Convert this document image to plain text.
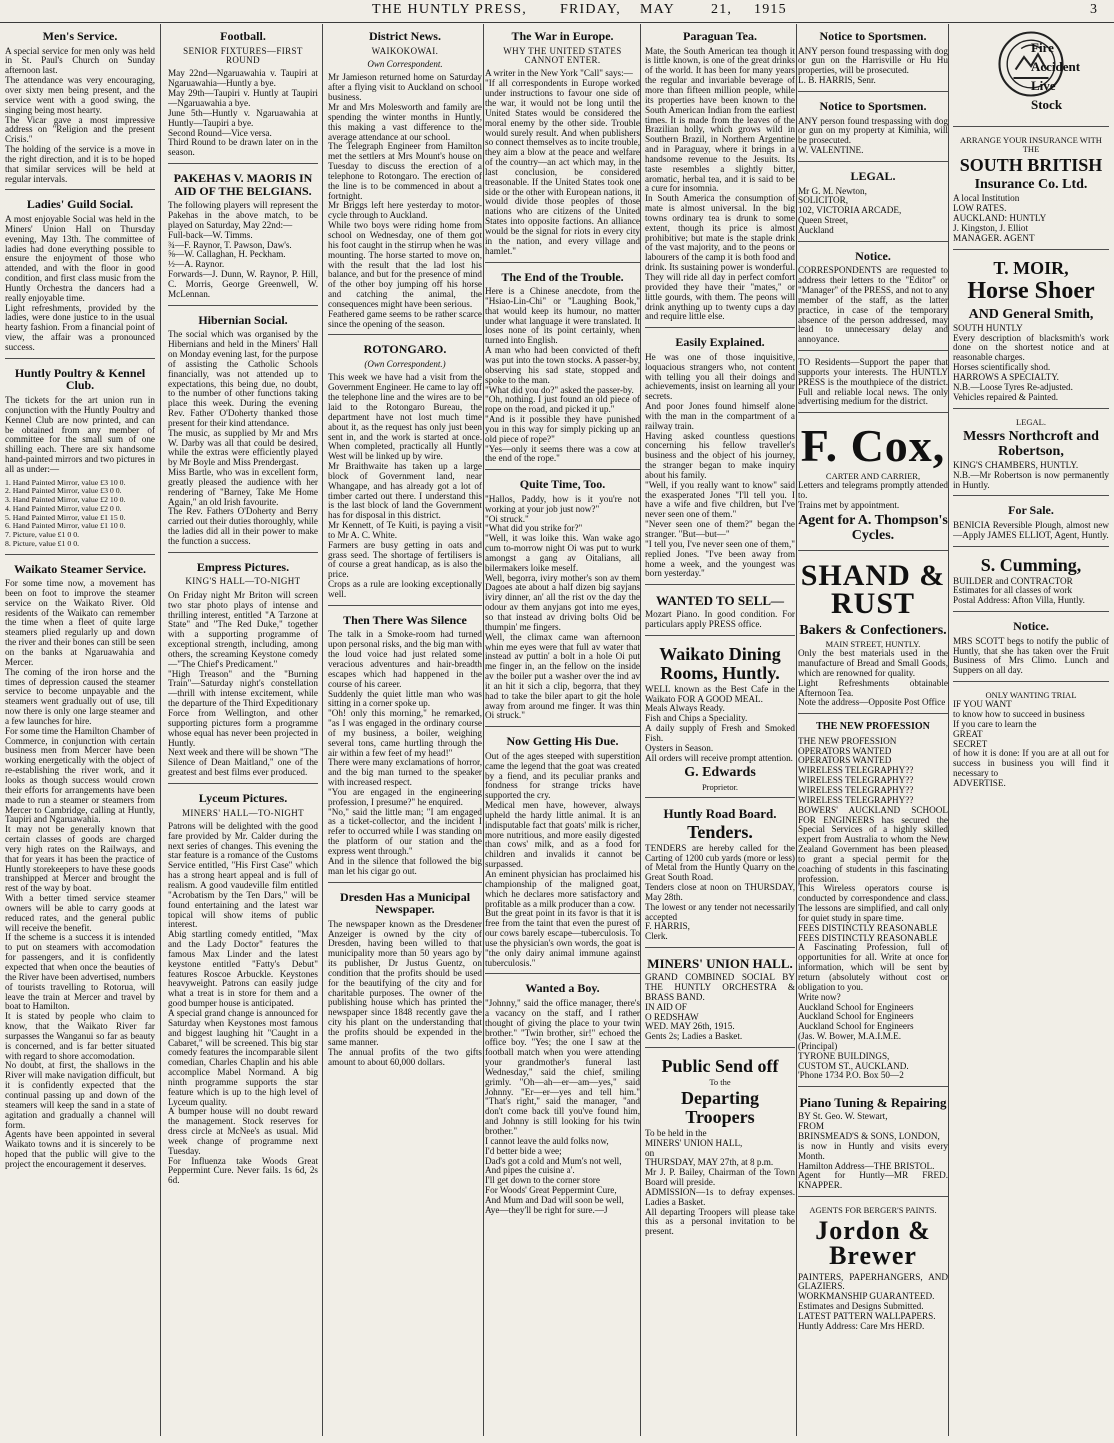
THE HUNTLY PRESS, FRIDAY, MAY	21, 1915	3
Men's Service.

A special service for men only was held in St. Paul's Church on Sunday afternoon last.
The attendance was very encouraging, over sixty men being present, and the service went with a good swing, the singing being most hearty.
The Vicar gave a most impressive address on "Religion and the present Crisis."
The holding of the service is a move in the right direction, and it is to be hoped that similar services will be held at regular intervals.

Ladies' Guild Social.

A most enjoyable Social was held in the Miners' Union Hall on Thursday evening, May 13th. The committee of ladies had done everything possible to ensure the enjoyment of those who attended, and with the floor in good condition, and first class music from the Huntly Orchestra the dancers had a really enjoyable time.
Light refreshments, provided by the ladies, were done justice to in the usual hearty fashion. From a financial point of view, the affair was a pronounced success.

Huntly Poultry & Kennel Club.

The tickets for the art union run in conjunction with the Huntly Poultry and Kennel Club are now printed, and can be obtained from any member of committee for the small sum of one shilling each. There are six handsome hand-painted mirrors and two pictures in all as under:—

1. Hand Painted Mirror, value £3 10 0.
2. Hand Painted Mirror, value £3 0 0.
3. Hand Painted Mirror, value £2 10 0.
4. Hand Painted Mirror, value £2 0 0.
5. Hand Painted Mirror, value £1 15 0.
6. Hand Painted Mirror, value £1 10 0.
7. Picture, value £1 0 0.
8. Picture, value £1 0 0.
Waikato Steamer Service.

For some time now, a movement has been on foot to improve the steamer service on the Waikato River. Old residents of the Waikato can remember the time when a fleet of quite large steamers plied regularly up and down the river and their bones can still be seen on the banks at Ngaruawahia and Mercer.
The coming of the iron horse and the times of depression caused the steamer service to become unpayable and the steamers went gradually out of use, till now there is only one large steamer and a few launches for hire.
For some time the Hamilton Chamber of Commerce, in conjunction with certain business men from Mercer have been working energetically with the object of re-establishing the river work, and it looks as though success would crown their efforts for arrangements have been made to run a steamer or steamers from Mercer to Cambridge, calling at Huntly, Taupiri and Ngaruawahia.
It may not be generally known that certain classes of goods are charged very high rates on the Railways, and that for years it has been the practice of Huntly storekeepers to have these goods transhipped at Mercer and brought the rest of the way by boat.
With a better timed service steamer owners will be able to carry goods at reduced rates, and the general public will receive the benefit.
If the scheme is a success it is intended to put on steamers with accomodation for passengers, and it is confidently expected that when once the beauties of the River have been advertised, numbers of tourists travelling to Rotorua, will leave the train at Mercer and travel by boat to Hamilton.
It is stated by people who claim to know, that the Waikato River far surpasses the Wanganui so far as beauty is concerned, and is far better situated with regard to shore accomodation.
No doubt, at first, the shallows in the River will make navigation difficult, but it is confidently expected that the continual passing up and down of the steamers will keep the sand in a state of agitation and gradually a channel will form.
Agents have been appointed in several Waikato towns and it is sincerely to be hoped that the public will give to the project the encouragement it deserves.

Football.
SENIOR FIXTURES—FIRST ROUND

May 22nd—Ngaruawahia v. Taupiri at Ngaruawahia—Huntly a bye.
May 29th—Taupiri v. Huntly at Taupiri —Ngaruawahia a bye.
June 5th—Huntly v. Ngaruawahia at Huntly—Taupiri a bye.
Second Round—Vice versa.
Third Round to be drawn later on in the season.

PAKEHAS V. MAORIS IN AID OF THE BELGIANS.

The following players will represent the Pakehas in the above match, to be played on Saturday, May 22nd:—
Full-back—W. Timms.
¾—F. Raynor, T. Pawson, Daw's.
⅝—W. Callaghan, H. Peckham.
½—A. Raynor.
Forwards—J. Dunn, W. Raynor, P. Hill, C. Morris, George Greenwell, W. McLennan.

Hibernian Social.

The social which was organised by the Hibernians and held in the Miners' Hall on Monday evening last, for the purpose of assisting the Catholic Schools financially, was not attended up to expectations, this being due, no doubt, to the number of other functions taking place this week. During the evening Rev. Father O'Doherty thanked those present for their kind attendance.
The music, as supplied by Mr and Mrs W. Darby was all that could be desired, while the extras were efficiently played by Mr Boyle and Miss Prendergast.
Miss Bartle, who was in excellent form, greatly pleased the audience with her rendering of "Barney, Take Me Home Again," an old Irish favourite.
The Rev. Fathers O'Doherty and Berry carried out their duties thoroughly, while the ladies did all in their power to make the function a success.

Empress Pictures.
KING'S HALL—TO-NIGHT

On Friday night Mr Briton will screen two star photo plays of intense and thrilling interest, entitled "A Tarzone at State" and "The Red Duke," together with a supporting programme of exceptional strength, including, among others, the screaming Keystone comedy—"The Chief's Predicament."
"High Treason" and the "Burning Train"—Saturday night's constellation—thrill with intense excitement, while the departure of the Third Expeditionary Force from Wellington, and other supporting pictures form a programme whose equal has never been projected in Huntly.
Next week and there will be shown "The Silence of Dean Maitland," one of the greatest and best films ever produced.

Lyceum Pictures.
MINERS' HALL—TO-NIGHT

Patrons will be delighted with the good fare provided by Mr. Calder during the next series of changes. This evening the star feature is a romance of the Customs Service entitled, "His First Case" which has a strong heart appeal and is full of realism. A good vaudeville film entitled "Acrobatism by the Ten Dars," will be found entertaining and the latest war topical will show items of public interest.
Abig startling comedy entitled, "Max and the Lady Doctor" features the famous Max Linder and the latest keystone entitled "Fatty's Debut" features Roscoe Arbuckle. Keystones heavyweight. Patrons can easily judge what a treat is in store for them and a good bumper house is anticipated.
A special grand change is announced for Saturday when Keystones most famous and biggest laughing hit "Caught in a Cabaret," will be screened. This big star comedy features the incomparable silent comedian, Charles Chaplin and his able accomplice Mabel Normand. A big ninth programme supports the star feature which is up to the high level of Lyceum quality.
A bumper house will no doubt reward the management. Stock reserves for dress circle at McNee's as usual. Mid week change of programme next Tuesday.
For Influenza take Woods Great Peppermint Cure. Never fails. 1s 6d, 2s 6d.

District News.
WAIKOKOWAI.
Own Correspondent.

Mr Jamieson returned home on Saturday after a flying visit to Auckland on school business.
Mr and Mrs Molesworth and family are spending the winter months in Huntly, this making a vast difference to the average attendance at our school.
The Telegraph Engineer from Hamilton met the settlers at Mrs Mount's house on Tuesday to discuss the erection of a telephone to Rotongaro. The erection of the line is to be commenced in about a fortnight.
Mr Briggs left here yesterday to motor-cycle through to Auckland.
While two boys were riding home from school on Wednesday, one of them got his foot caught in the stirrup when he was mounting. The horse started to move on, with the result that the lad lost his balance, and but for the presence of mind of the other boy jumping off his horse and catching the animal, the consequences might have been serious.
Feathered game seems to be rather scarce since the opening of the season.

ROTONGARO.
(Own Correspondent.)

This week we have had a visit from the Government Engineer. He came to lay off the telephone line and the wires are to be laid to the Rotongaro Bureau, the department have not lost much time about it, as the request has only just been sent in, and the work is started at once. When completed, practically all Huntly West will be linked up by wire.
Mr Braithwaite has taken up a large block of Government land, near Whangape, and has already got a lot of timber carted out there. I understand this is the last block of land the Government has for disposal in this district.
Mr Kennett, of Te Kuiti, is paying a visit to Mr A. C. White.
Farmers are busy getting in oats and grass seed. The shortage of fertilisers is of course a great handicap, as is also the price.
Crops as a rule are looking exceptionally well.

Then There Was Silence

The talk in a Smoke-room had turned upon personal risks, and the big man with the loud voice had just related some veracious adventures and hair-breadth escapes which had happened in the course of his career.
Suddenly the quiet little man who was sitting in a corner spoke up.
"Oh! only this morning," he remarked, "as I was engaged in the ordinary course of my business, a boiler, weighing several tons, came hurtling through the air within a few feet of my head!"
There were many exclamations of horror, and the big man turned to the speaker with increased respect.
"You are engaged in the engineering profession, I presume?" he enquired.
"No," said the little man; "I am engaged as a ticket-collector, and the incident I refer to occurred while I was standing on the platform of our station and the express went through."
And in the silence that followed the big man let his cigar go out.

Dresden Has a Municipal Newspaper.

The newspaper known as the Dresdener Anzeiger is owned by the city of Dresden, having been willed to that municipality more than 50 years ago by its publisher, Dr Justus Guentz, on condition that the profits should be used for the beautifying of the city and for charitable purposes. The owner of the publishing house which has printed the newspaper since 1848 recently gave the city his plant on the understanding that the profits should be expended in the same manner.
The annual profits of the two gifts amount to about 60,000 dollars.

The War in Europe.
WHY THE UNITED STATES CANNOT ENTER.

A writer in the New York "Call" says:—
"If all correspondents in Europe worked under instructions to favour one side of the war, it would not be long until the United States would be considered the moral enemy by the other side. Trouble would surely result. And when publishers so connect themselves as to incite trouble, they aim a blow at the peace and welfare of the country—an act which may, in the last conclusion, be considered treasonable. If the United States took one side or the other with European nations, it would divide those peoples of those nations who are citizens of the United States into opposite factions. An alliance would be the signal for riots in every city in the nation, and every village and hamlet."

The End of the Trouble.

Here is a Chinese anecdote, from the "Hsiao-Lin-Chi" or "Laughing Book," that would keep its humour, no matter under what language it were translated. It loses none of its point certainly, when turned into English.
A man who had been convicted of theft was put into the town stocks. A passer-by, observing his sad state, stopped and spoke to the man.
"What did you do?" asked the passer-by.
"Oh, nothing. I just found an old piece of rope on the road, and picked it up."
"And is it possible they have punished you in this way for simply picking up an old piece of rope?"
"Yes—only it seems there was a cow at the end of the rope."

Quite Time, Too.

"Hallos, Paddy, how is it you're not working at your job just now?"
"Oi struck."
"What did you strike for?"
"Well, it was loike this. Wan wake ago cum to-morrow night Oi was put to wurk amongst a gang av Oitalians, all bilermakers loike meself.
Well, begorra, iviry mother's son av them Dagoes ate about a half dizen big sayjans iviry dinner, an' all the rist ov the day the odour av them anyjans got into me eyes, so that instead av driving bolts Oid be thumpin' me fingers.
Well, the climax came wan afternoon whin me eyes were that full av water that instead av puttin' a bolt in a hole Oi put me finger in, an the fellow on the inside av the boiler put a washer over the ind av it an hit it sich a clip, begorra, that they had to take the biler apart to git the hole away from around me finger. It was thin Oi struck."

Now Getting His Due.

Out of the ages steeped with superstition came the legend that the goat was created by a fiend, and its peculiar pranks and fondness for strange tricks have supported the cry.
Medical men have, however, always upheld the hardy little animal. It is an indisputable fact that goats' milk is richer, more nutritious, and more easily digested than cows' milk, and as a food for children and invalids it cannot be surpassed.
An eminent physician has proclaimed his championship of the maligned goat, which he declares more satisfactory and profitable as a milk producer than a cow.
But the great point in its favor is that it is free from the taint that even the purest of our cows barely escape—tuberculosis. To use the physician's own words, the goat is "the only dairy animal immune against tuberculosis."

Wanted a Boy.

"Johnny," said the office manager, there's a vacancy on the staff, and I rather thought of giving the place to your twin brother." "Twin brother, sir!" echoed the office boy. "Yes; the one I saw at the football match when you were attending your grandmother's funeral last Wednesday," said the chief, smiling grimly. "Oh—ah—er—am—yes," said Johnny. "Er—er—yes and tell him." "That's right," said the manager, "and don't come back till you've found him, and Johnny is still looking for his twin brother."
I cannot leave the auld folks now,
I'd better bide a wee;
Dad's got a cold and Mum's not well,
And pipes the cuisine a'.
I'll get down to the corner store
For Woods' Great Peppermint Cure,
And Mum and Dad will soon be well,
Aye—they'll be right for sure.—J

Paraguan Tea.

Mate, the South American tea though it is little known, is one of the great drinks of the world. It has been for many years the regular and invariable beverage of more than fifteen million people, while its properties have been known to the South American Indian from the earliest times. It is made from the leaves of the Brazilian holly, which grows wild in Southern Brazil, in Northern Argentine and in Paraguay, where it brings in a handsome revenue to the Jesuits. Its taste resembles a slightly bitter, aromatic, herbal tea, and it is said to be a cure for insomnia.
In South America the consumption of mate is almost universal. In the big towns ordinary tea is drunk to some extent, though its price is almost prohibitive; but mate is the staple drink of the vast majority, and to the peons or labourers of the camp it is both food and drink. Its sustaining power is wonderful. They will ride all day in perfect comfort provided they have their "mates," or little gourds, with them. The peons will drink anything up to twenty cups a day and require little else.

Easily Explained.

He was one of those inquisitive, loquacious strangers who, not content with telling you all their doings and achievements, insist on learning all your secrets.
And poor Jones found himself alone with the man in the compartment of a railway train.
Having asked countless questions concerning his fellow traveller's business and the object of his journey, the stranger began to make inquiry about his family.
"Well, if you really want to know" said the exasperated Jones "I'll tell you. I have a wife and five children, but I've never seen one of them."
"Never seen one of them?" began the stranger. "But—but—"
"I tell you, I've never seen one of them," replied Jones. "I've been away from home a week, and the youngest was born yesterday."

WANTED TO SELL—

Mozart Piano. In good condition. For particulars apply PRESS office.

Waikato Dining Rooms, Huntly.

WELL known as the Best Cafe in the Waikato FOR A GOOD MEAL.
Meals Always Ready.
Fish and Chips a Speciality.
A daily supply of Fresh and Smoked Fish.
Oysters in Season.
All orders will receive prompt attention.

G. Edwards
Proprietor.
Huntly Road Board.
Tenders.

TENDERS are hereby called for the Carting of 1200 cub yards (more or less) of Metal from the Huntly Quarry on the Great South Road.
Tenders close at noon on THURSDAY, May 28th.
The lowest or any tender not necessarily accepted
F. HARRIS,
Clerk.

MINERS' UNION HALL.

GRAND COMBINED SOCIAL BY THE HUNTLY ORCHESTRA & BRASS BAND.
IN AID OF
O REDSHAW
WED. MAY 26th, 1915.
Gents 2s; Ladies a Basket.

Public Send off
To the
Departing Troopers

To be held in the
MINERS' UNION HALL,
on
THURSDAY, MAY 27th, at 8 p.m.
Mr J. P. Bailey, Chairman of the Town Board will preside.
ADMISSION—1s to defray expenses. Ladies a Basket.
All departing Troopers will please take this as a personal invitation to be present.

Notice to Sportsmen.

ANY person found trespassing with dog or gun on the Harrisville or Hu Hu properties, will be prosecuted.
L. B. HARRIS, Senr.

Notice to Sportsmen.

ANY person found trespassing with dog or gun on my property at Kimihia, will be prosecuted.
W. VALENTINE.

LEGAL.

Mr G. M. Newton,
SOLICITOR,
102, VICTORIA ARCADE,
Queen Street,
Auckland

Notice.

CORRESPONDENTS are requested to address their letters to the "Editor" or "Manager" of the PRESS, and not to any member of the staff, as the latter practice, in case of the temporary absence of the person addressed, may lead to unnecessary delay and annoyance.

TO Residents—Support the paper that supports your interests. The HUNTLY PRESS is the mouthpiece of the district. Full and reliable local news. The only advertising medium for the district.

F. Cox,
CARTER AND CARRIER,

Letters and telegrams promptly attended to.
Trains met by appointment.

Agent for A. Thompson's Cycles.
SHAND & RUST
Bakers & Confectioners.
MAIN STREET, HUNTLY.

Only the best materials used in the manufacture of Bread and Small Goods, which are renowned for quality.
Light Refreshments obtainable Afternoon Tea.
Note the address—Opposite Post Office

THE NEW PROFESSION

THE NEW PROFESSION
OPERATORS WANTED
OPERATORS WANTED
WIRELESS TELEGRAPHY??
WIRELESS TELEGRAPHY??
WIRELESS TELEGRAPHY??
WIRELESS TELEGRAPHY??
BOWERS' AUCKLAND SCHOOL FOR ENGINEERS has secured the Special Services of a highly skilled expert from Australia to whom the New Zealand Government has been pleased to grant a special permit for the coaching of students in this fascinating profession.
This Wireless operators course is conducted by correspondence and class. The lessons are simplified, and call only for quiet study in spare time.
FEES DISTINCTLY REASONABLE
FEES DISTINCTLY REASONABLE
A Fascinating Profession, full of opportunities for all. Write at once for information, which will be sent by return (absolutely without cost or obligation to you.
Write now?
Auckland School for Engineers
Auckland School for Engineers
Auckland School for Engineers
(Jas. W. Bower, M.A.I.M.E.
(Principal)
TYRONE BUILDINGS,
CUSTOM ST., AUCKLAND.
'Phone 1734 P.O. Box 50—2

Piano Tuning & Repairing

BY St. Geo. W. Stewart,
FROM
BRINSMEAD'S & SONS, LONDON,
is now in Huntly and visits every Month.
Hamilton Address—THE BRISTOL.
Agent for Huntly—MR FRED. KNAPPER.

AGENTS FOR BERGER'S PAINTS.
Jordon & Brewer

PAINTERS, PAPERHANGERS, AND GLAZIERS.
WORKMANSHIP GUARANTEED.
Estimates and Designs Submitted.
LATEST PATTERN WALLPAPERS.
Huntly Address: Care Mrs HERD.

Fire
Accident
Live
Stock
ARRANGE YOUR INSURANCE WITH THE
SOUTH BRITISH
Insurance Co. Ltd.

A local Institution
LOW RATES.
AUCKLAND: HUNTLY
J. Kingston, J. Elliot
MANAGER. AGENT

T. MOIR,
Horse Shoer
AND General Smith,

SOUTH HUNTLY
Every description of blacksmith's work done on the shortest notice and at reasonable charges.
Horses scientifically shod.
HARROWS A SPECIALTY.
N.B.—Loose Tyres Re-adjusted.
Vehicles repaired & Painted.

LEGAL.
Messrs Northcroft and Robertson,

KING'S CHAMBERS, HUNTLY.
N.B.—Mr Robertson is now permanently in Huntly.

For Sale.

BENICIA Reversible Plough, almost new—Apply JAMES ELLIOT, Agent, Huntly.

S. Cumming,

BUILDER and CONTRACTOR
Estimates for all classes of work
Postal Address: Afton Villa, Huntly.

Notice.

MRS SCOTT begs to notify the public of Huntly, that she has taken over the Fruit Business of Mrs Climo. Lunch and Suppers on all day.

ONLY WANTING TRIAL

IF YOU WANT
to know how to succeed in business
If you care to learn the
GREAT
SECRET
of how it is done: If you are at all out for success in business you will find it necessary to
ADVERTISE.
